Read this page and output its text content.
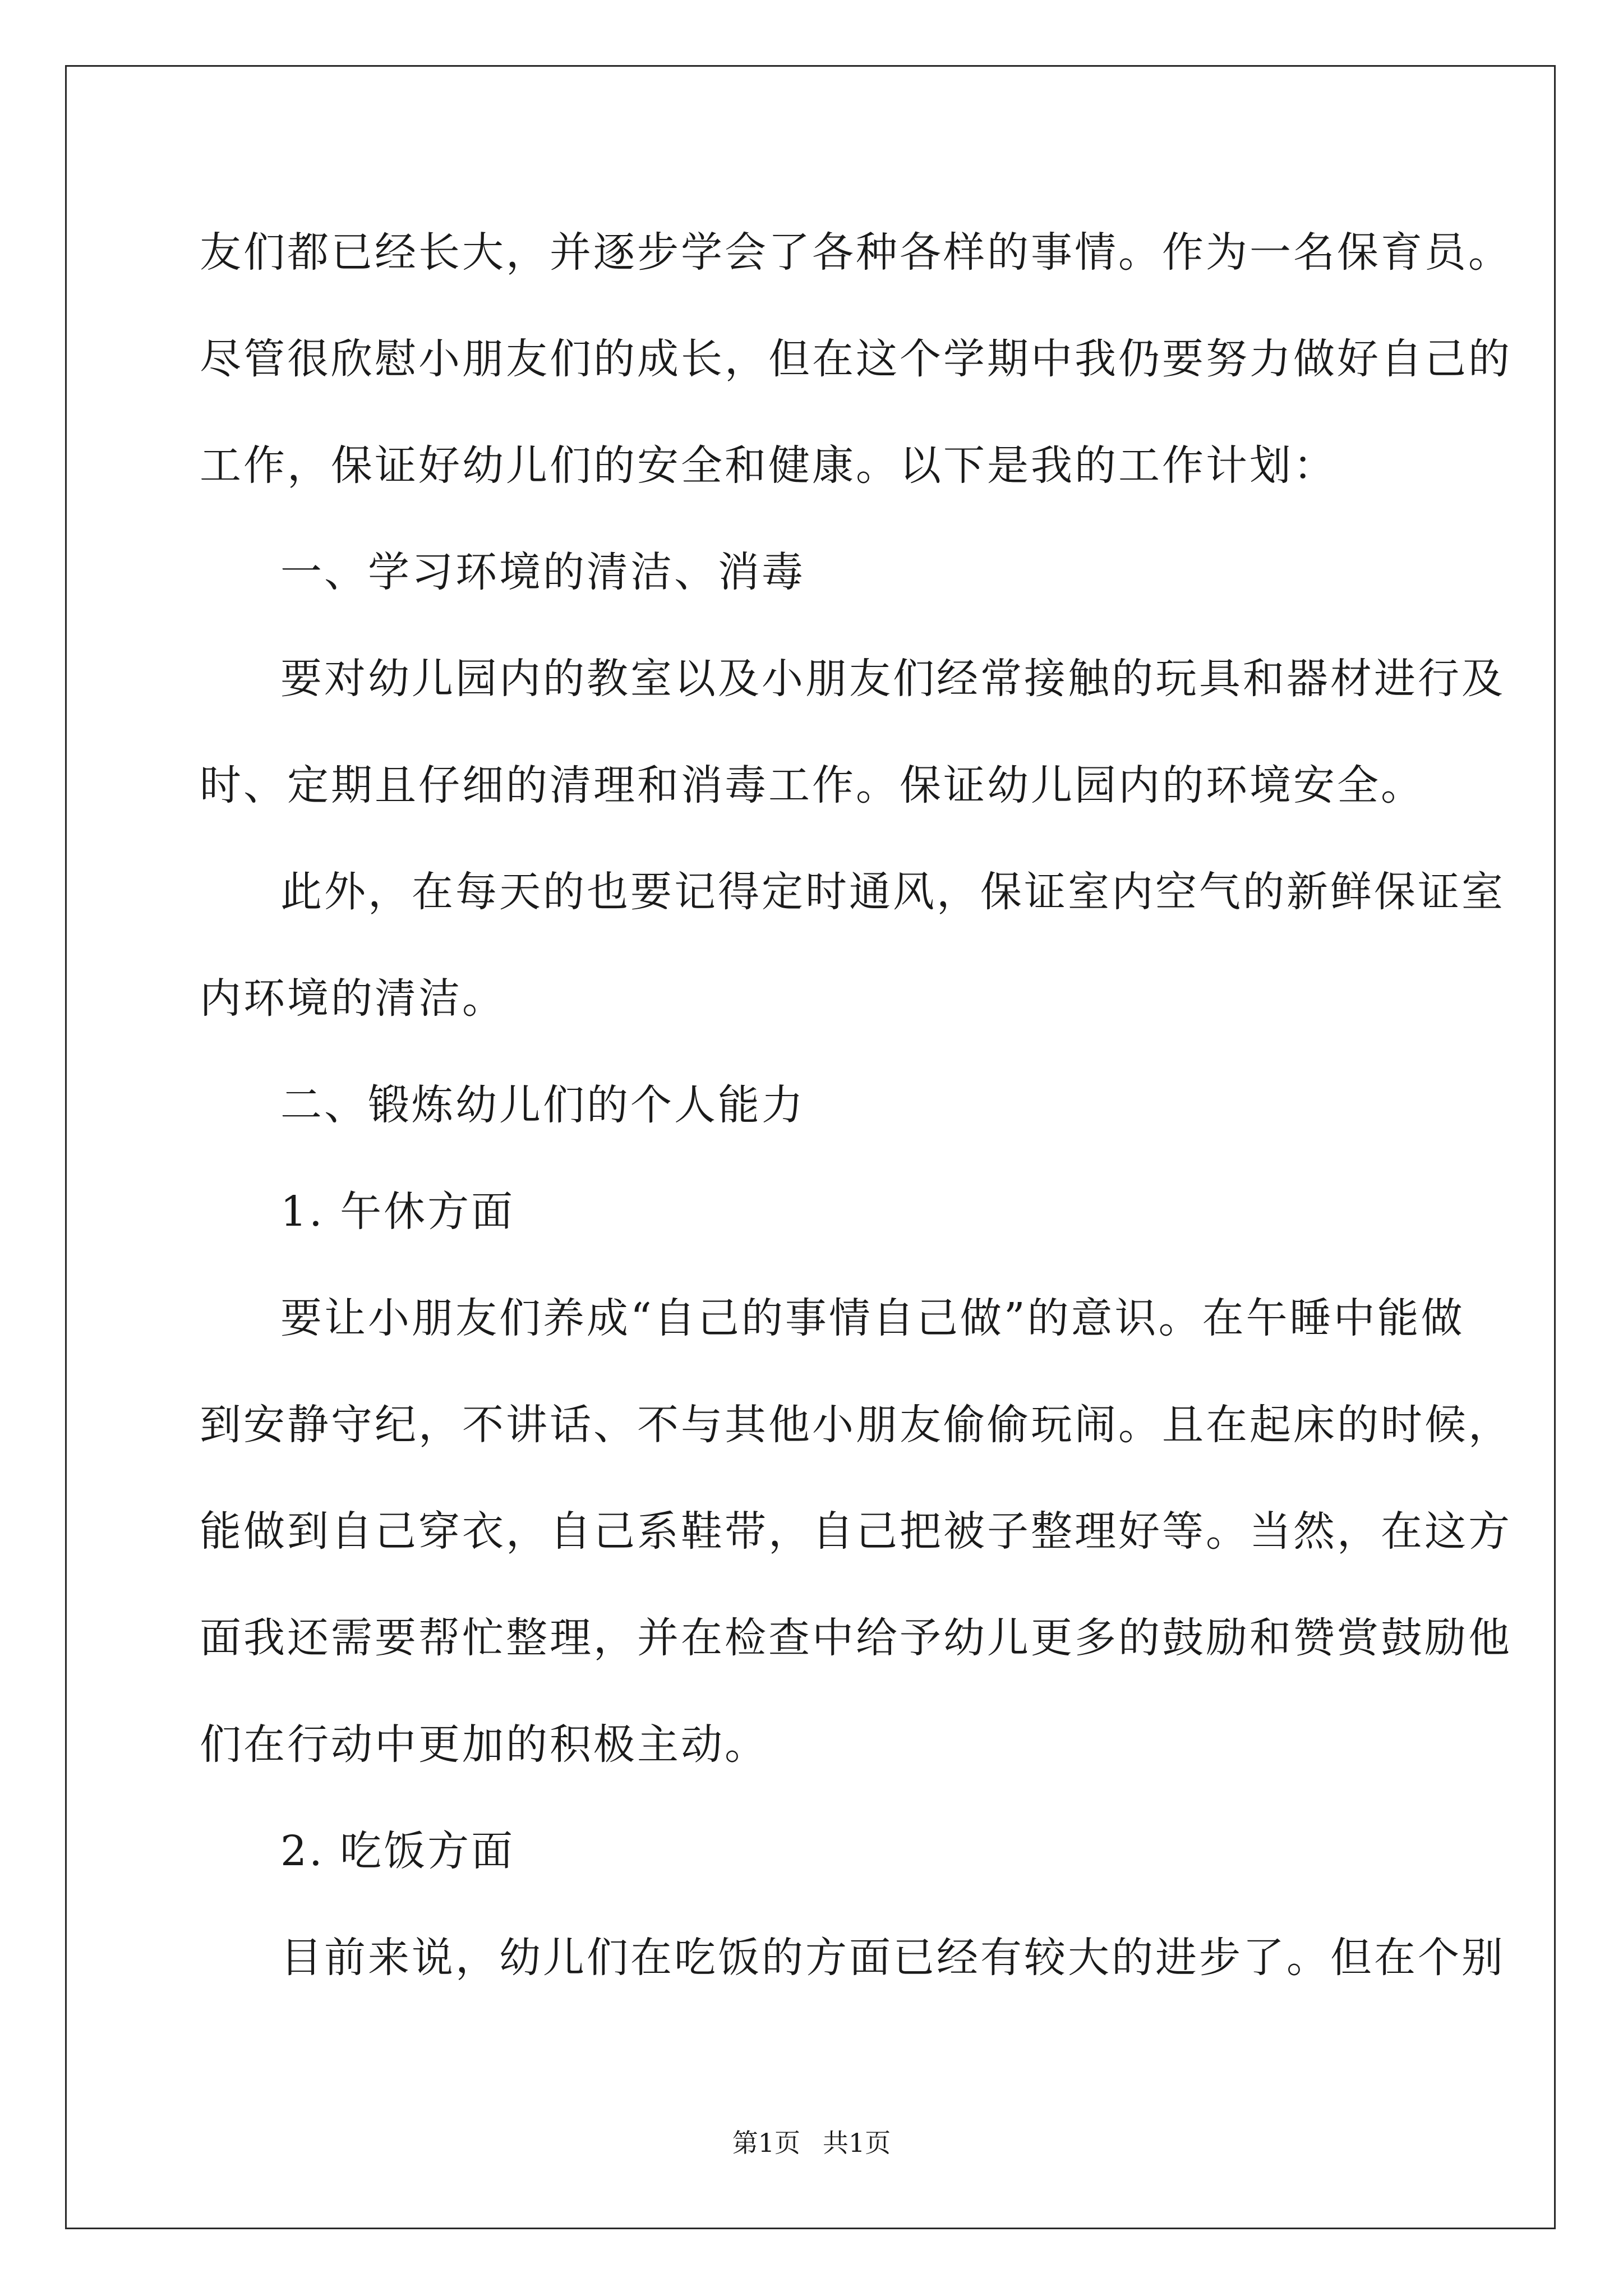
友们都已经长大，并逐步学会了各种各样的事情。作为一名保育员。
尽管很欣慰小朋友们的成长，但在这个学期中我仍要努力做好自己的
工作，保证好幼儿们的安全和健康。以下是我的工作计划：
一、学习环境的清洁、消毒
要对幼儿园内的教室以及小朋友们经常接触的玩具和器材进行及
时、定期且仔细的清理和消毒工作。保证幼儿园内的环境安全。
此外，在每天的也要记得定时通风，保证室内空气的新鲜保证室
内环境的清洁。
二、锻炼幼儿们的个人能力
1. 午休方面
要让小朋友们养成“自己的事情自己做”的意识。在午睡中能做
到安静守纪，不讲话、不与其他小朋友偷偷玩闹。且在起床的时候，
能做到自己穿衣，自己系鞋带，自己把被子整理好等。当然，在这方
面我还需要帮忙整理，并在检查中给予幼儿更多的鼓励和赞赏鼓励他
们在行动中更加的积极主动。
2. 吃饭方面
目前来说，幼儿们在吃饭的方面已经有较大的进步了。但在个别
第1页 共1页
